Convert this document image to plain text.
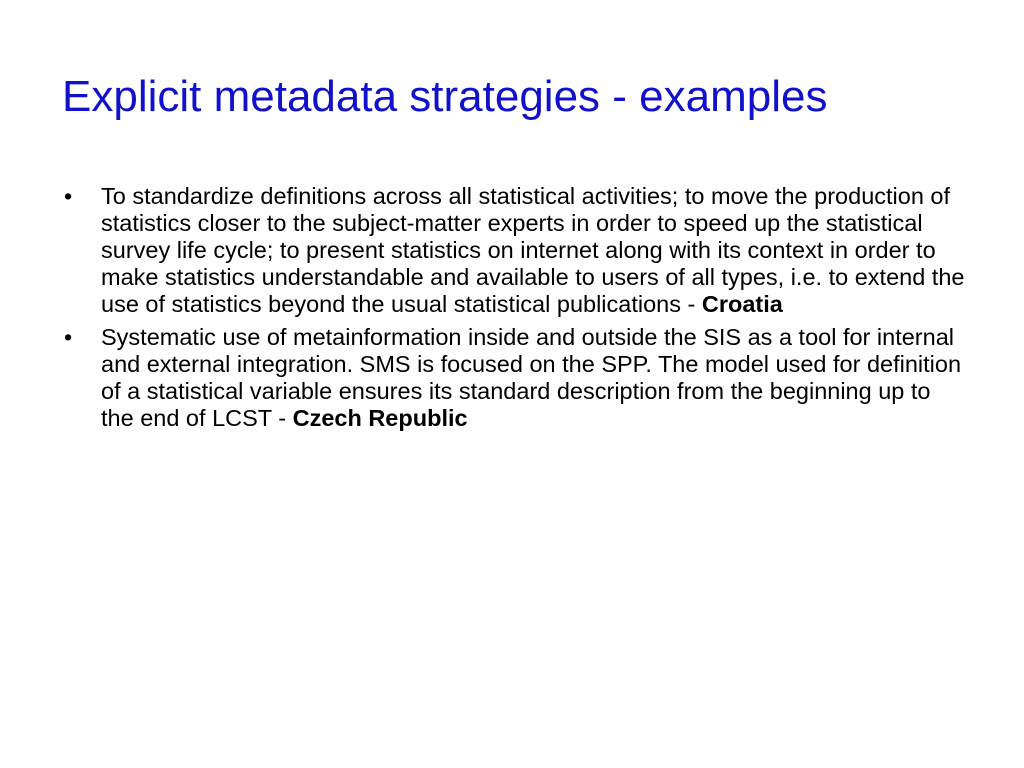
Explicit metadata strategies - examples
•	To standardize definitions across all statistical activities; to move the production of statistics closer to the subject-matter experts in order to speed up the statistical survey life cycle; to present statistics on internet along with its context in order to make statistics understandable and available to users of all types, i.e. to extend the use of statistics beyond the usual statistical publications - Croatia
•	Systematic use of metainformation inside and outside the SIS as a tool for internal and external integration. SMS is focused on the SPP. The model used for definition of a statistical variable ensures its standard description from the beginning up to the end of LCST - Czech Republic
